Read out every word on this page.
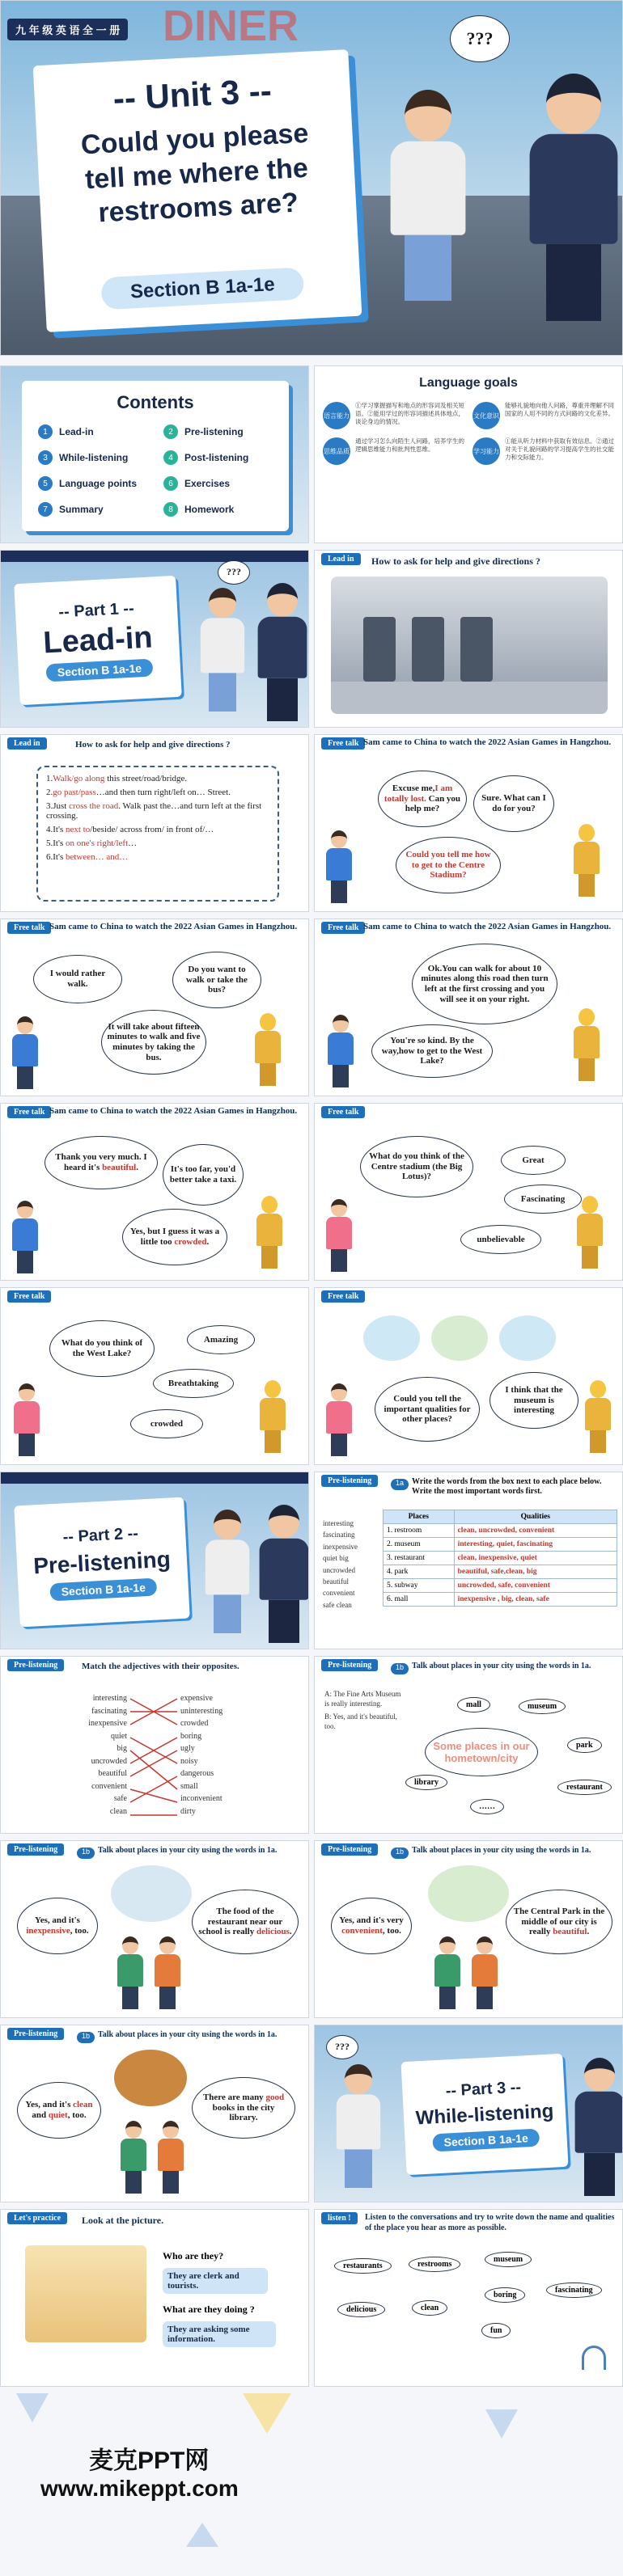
DINER
九 年 级 英 语 全 一 册
-- Unit 3 --
Could you please tell me where the restrooms are?
Section B 1a-1e
???
Contents
1	Lead-in	2	Pre-listening
3	While-listening	4	Post-listening
5	Language points	6	Exercises
7	Summary	8	Homework
Language goals
语言能力
①学习掌握描写和地点的形容词及相关短语。②能用学过的形容词描述具体地点，谈论身边的情况。
文化意识
能够礼貌地向他人问路，尊重并理解不同国家的人用不同的方式问路的文化差异。
思维品质
通过学习怎么向陌生人问路，培养学生的逻辑思维能力和批判性思维。	学习能力
①能从听力材料中获取有效信息。②通过对关于礼貌问路的学习提高学生的社交能力和交际能力。
-- Part 1 --
Lead-in
Section B 1a-1e
???
Lead in	How to ask for help and give directions ?
Lead in	How to ask for help and give directions ?
1.Walk/go along this street/road/bridge.
2.go past/pass…and then turn right/left on… Street.
3.Just cross the road. Walk past the…and turn left at the first crossing.
4.It's next to/beside/ across from/ in front of/…
5.It's on one's right/left…
6.It's between… and…
Free talk Sam came to China to watch the 2022 Asian Games in Hangzhou.
Excuse me,I am totally lost. Can you help me?
Sure. What can I do for you?
Could you tell me how to get to the Centre Stadium?
Free talk Sam came to China to watch the 2022 Asian Games in Hangzhou.
I would rather walk.
Do you want to walk or take the bus?
It will take about fifteen minutes to walk and five minutes by taking the bus.
Free talk Sam came to China to watch the 2022 Asian Games in Hangzhou.
Ok.You can walk for about 10 minutes along this road then turn left at the first crossing and you will see it on your right.
You're so kind. By the way,how to get to the West Lake?
Free talk Sam came to China to watch the 2022 Asian Games in Hangzhou.
Thank you very much. I heard it's beautiful.	It's too far, you'd better take a taxi.
Yes, but I guess it was a little too crowded.
Free talk
What do you think of the Centre stadium (the Big Lotus)?
Great
Fascinating
unbelievable
Free talk
What do you think of the West Lake?
Amazing
Breathtaking
crowded
Free talk
Could you tell the important qualities for other places?
I think that the museum is interesting
-- Part 2 --
Pre-listening
Section B 1a-1e
Pre-listening	1a	Write the words from the box next to each place below. Write the most important words first.
interesting
fascinating
inexpensive
quiet big
uncrowded
beautiful
convenient
safe clean
Places	Qualities
1. restroom	clean, uncrowded, convenient
2. museum	interesting, quiet, fascinating
3. restaurant	clean, inexpensive, quiet
4. park	beautiful, safe,clean, big
5. subway	uncrowded, safe, convenient
6. mall	inexpensive , big, clean, safe
Pre-listening	Match the adjectives with their opposites.
interesting
fascinating
inexpensive
quiet
big
uncrowded
beautiful
convenient
safe
clean
expensive
uninteresting
crowded
boring
ugly
noisy
dangerous
small
inconvenient
dirty
Pre-listening	1b	Talk about places in your city using the words in 1a.
A: The Fine Arts Museum is really interesting.
B: Yes, and it's beautiful, too.
Some places in our hometown/city
mall	museum
park
restaurant
library
……
Pre-listening	1b	Talk about places in your city using the words in 1a.
Yes, and it's inexpensive, too.
The food of the restaurant near our school is really delicious.
Pre-listening	1b	Talk about places in your city using the words in 1a.
Yes, and it's very convenient, too.
The Central Park in the middle of our city is really beautiful.
Pre-listening	1b	Talk about places in your city using the words in 1a.
Yes, and it's clean and quiet, too.
There are many good books in the city library.
???
-- Part 3 --
While-listening
Section B 1a-1e
Let's practice	Look at the picture.
Who are they?
They are clerk and tourists.
What are they doing ?
They are asking some information.
listen !	Listen to the conversations and try to write down the name and qualities of the place you hear as more as possible.
restaurants	restrooms
museum
boring
fascinating
delicious	clean
fun
麦克PPT网
www.mikeppt.com
